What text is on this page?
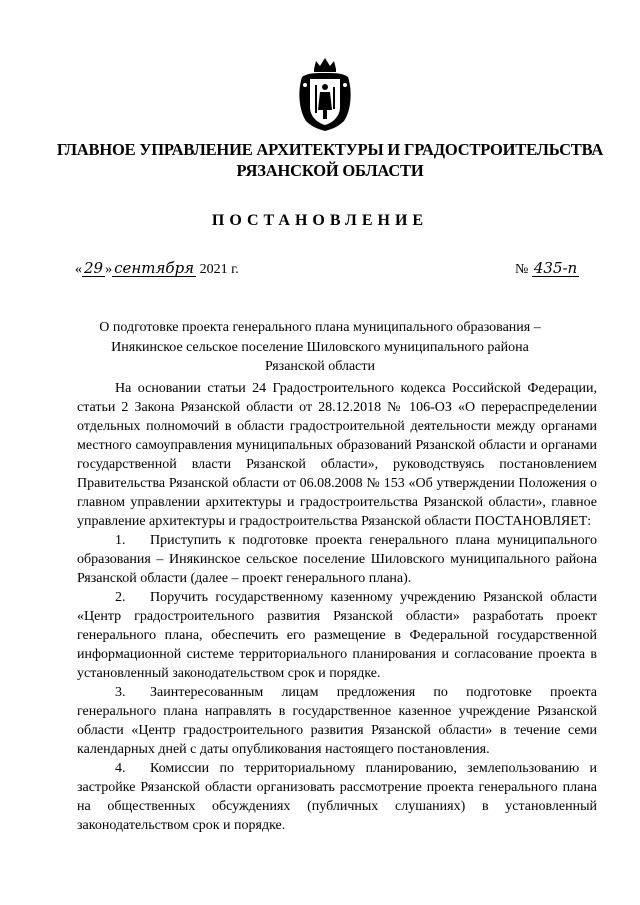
ГЛАВНОЕ УПРАВЛЕНИЕ АРХИТЕКТУРЫ И ГРАДОСТРОИТЕЛЬСТВА
РЯЗАНСКОЙ ОБЛАСТИ
ПОСТАНОВЛЕНИЕ
« 29 » сентября 2021 г.	№ 435-п
О подготовке проекта генерального плана муниципального образования –
Инякинское сельское поселение Шиловского муниципального района
Рязанской области

На основании статьи 24 Градостроительного кодекса Российской Федерации, статьи 2 Закона Рязанской области от 28.12.2018 № 106-ОЗ «О перераспределении отдельных полномочий в области градостроительной деятельности между органами местного самоуправления муниципальных образований Рязанской области и органами государственной власти Рязанской области», руководствуясь постановлением Правительства Рязанской области от 06.08.2008 № 153 «Об утверждении Положения о главном управлении архитектуры и градостроительства Рязанской области», главное управление архитектуры и градостроительства Рязанской области ПОСТАНОВЛЯЕТ:

1. Приступить к подготовке проекта генерального плана муниципального образования – Инякинское сельское поселение Шиловского муниципального района Рязанской области (далее – проект генерального плана).

2. Поручить государственному казенному учреждению Рязанской области «Центр градостроительного развития Рязанской области» разработать проект генерального плана, обеспечить его размещение в Федеральной государственной информационной системе территориального планирования и согласование проекта в установленный законодательством срок и порядке.

3. Заинтересованным лицам предложения по подготовке проекта генерального плана направлять в государственное казенное учреждение Рязанской области «Центр градостроительного развития Рязанской области» в течение семи календарных дней с даты опубликования настоящего постановления.

4. Комиссии по территориальному планированию, землепользованию и застройке Рязанской области организовать рассмотрение проекта генерального плана на общественных обсуждениях (публичных слушаниях) в установленный законодательством срок и порядке.
